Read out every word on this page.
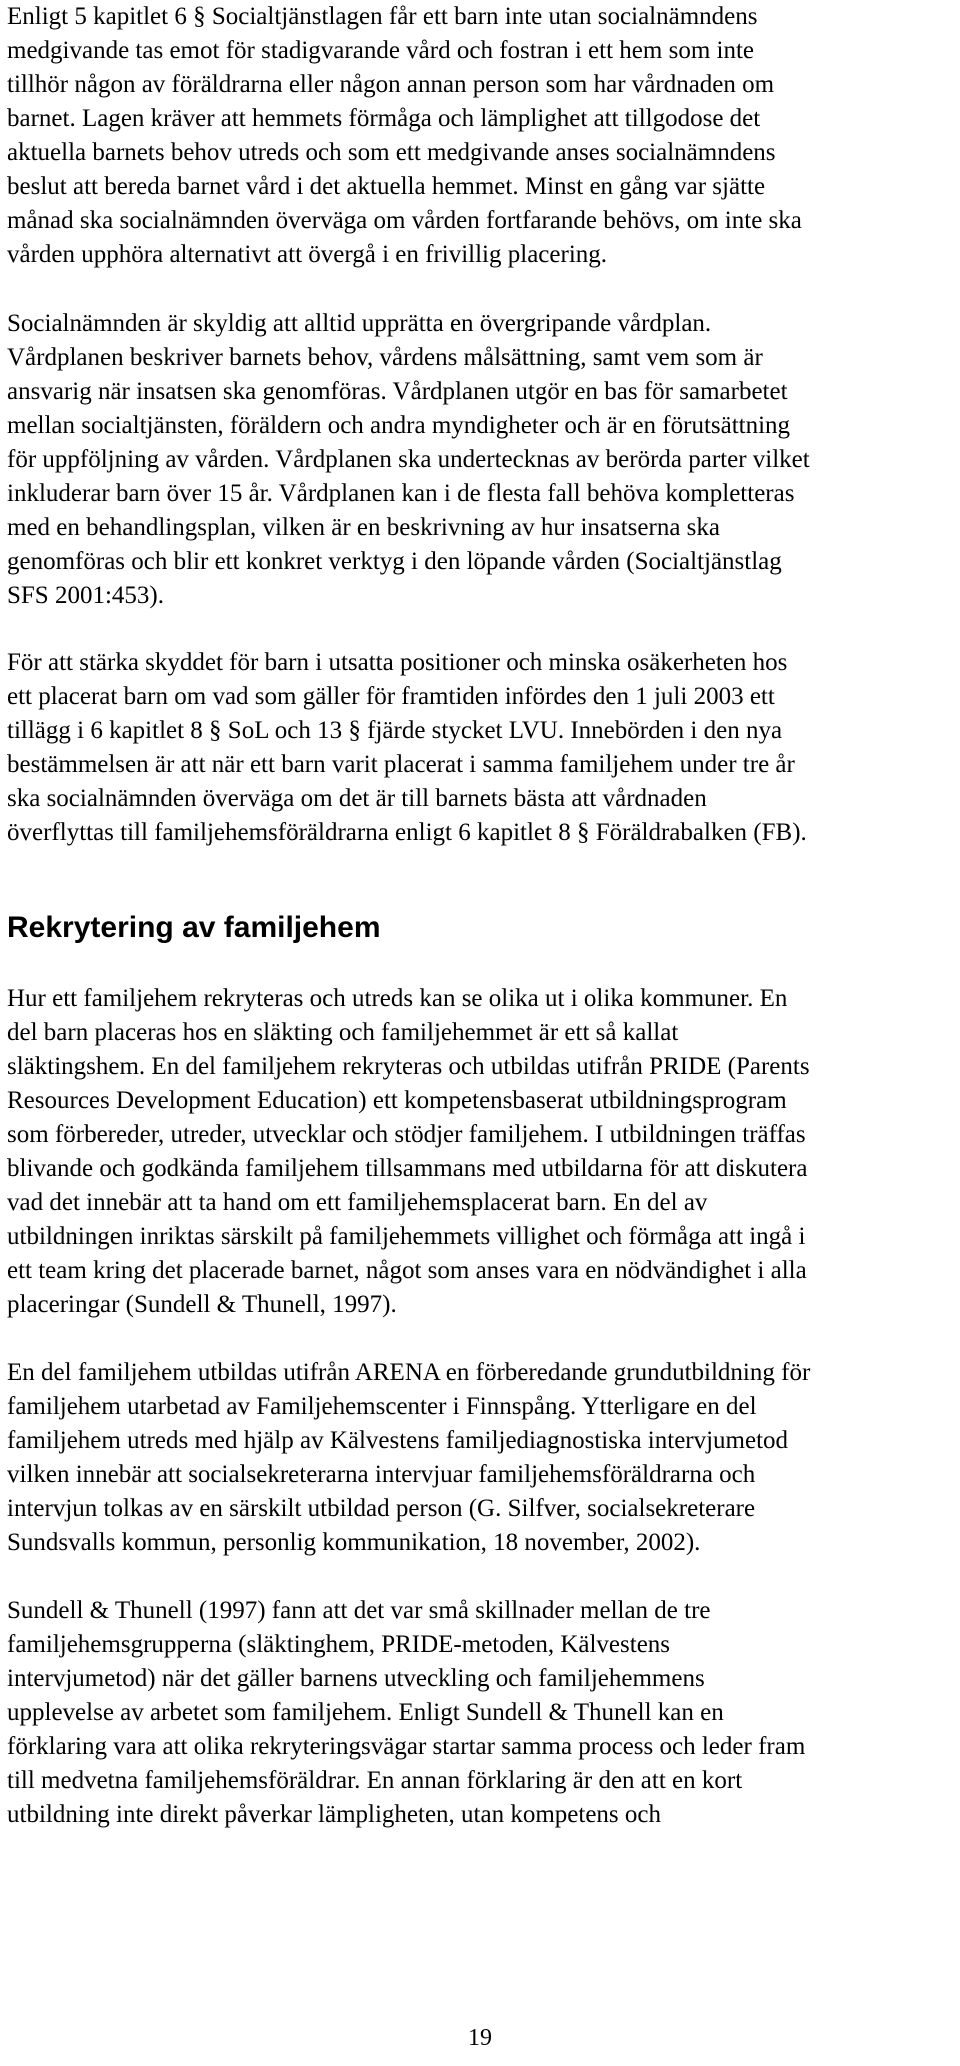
Enligt 5 kapitlet 6 § Socialtjänstlagen får ett barn inte utan socialnämndens
medgivande tas emot för stadigvarande vård och fostran i ett hem som inte
tillhör någon av föräldrarna eller någon annan person som har vårdnaden om
barnet. Lagen kräver att hemmets förmåga och lämplighet att tillgodose det
aktuella barnets behov utreds och som ett medgivande anses socialnämndens
beslut att bereda barnet vård i det aktuella hemmet. Minst en gång var sjätte
månad ska socialnämnden överväga om vården fortfarande behövs, om inte ska
vården upphöra alternativt att övergå i en frivillig placering.

Socialnämnden är skyldig att alltid upprätta en övergripande vårdplan.
Vårdplanen beskriver barnets behov, vårdens målsättning, samt vem som är
ansvarig när insatsen ska genomföras. Vårdplanen utgör en bas för samarbetet
mellan socialtjänsten, föräldern och andra myndigheter och är en förutsättning
för uppföljning av vården. Vårdplanen ska undertecknas av berörda parter vilket
inkluderar barn över 15 år. Vårdplanen kan i de flesta fall behöva kompletteras
med en behandlingsplan, vilken är en beskrivning av hur insatserna ska
genomföras och blir ett konkret verktyg i den löpande vården (Socialtjänstlag
SFS 2001:453).

För att stärka skyddet för barn i utsatta positioner och minska osäkerheten hos
ett placerat barn om vad som gäller för framtiden infördes den 1 juli 2003 ett
tillägg i 6 kapitlet 8 § SoL och 13 § fjärde stycket LVU. Innebörden i den nya
bestämmelsen är att när ett barn varit placerat i samma familjehem under tre år
ska socialnämnden överväga om det är till barnets bästa att vårdnaden
överflyttas till familjehemsföräldrarna enligt 6 kapitlet 8 § Föräldrabalken (FB).

Rekrytering av familjehem

Hur ett familjehem rekryteras och utreds kan se olika ut i olika kommuner. En
del barn placeras hos en släkting och familjehemmet är ett så kallat
släktingshem. En del familjehem rekryteras och utbildas utifrån PRIDE (Parents
Resources Development Education) ett kompetensbaserat utbildningsprogram
som förbereder, utreder, utvecklar och stödjer familjehem. I utbildningen träffas
blivande och godkända familjehem tillsammans med utbildarna för att diskutera
vad det innebär att ta hand om ett familjehemsplacerat barn. En del av
utbildningen inriktas särskilt på familjehemmets villighet och förmåga att ingå i
ett team kring det placerade barnet, något som anses vara en nödvändighet i alla
placeringar (Sundell & Thunell, 1997).

En del familjehem utbildas utifrån ARENA en förberedande grundutbildning för
familjehem utarbetad av Familjehemscenter i Finnspång. Ytterligare en del
familjehem utreds med hjälp av Kälvestens familjediagnostiska intervjumetod
vilken innebär att socialsekreterarna intervjuar familjehemsföräldrarna och
intervjun tolkas av en särskilt utbildad person (G. Silfver, socialsekreterare
Sundsvalls kommun, personlig kommunikation, 18 november, 2002).

Sundell & Thunell (1997) fann att det var små skillnader mellan de tre
familjehemsgrupperna (släktinghem, PRIDE-metoden, Kälvestens
intervjumetod) när det gäller barnens utveckling och familjehemmens
upplevelse av arbetet som familjehem. Enligt Sundell & Thunell kan en
förklaring vara att olika rekryteringsvägar startar samma process och leder fram
till medvetna familjehemsföräldrar. En annan förklaring är den att en kort
utbildning inte direkt påverkar lämpligheten, utan kompetens och

19
